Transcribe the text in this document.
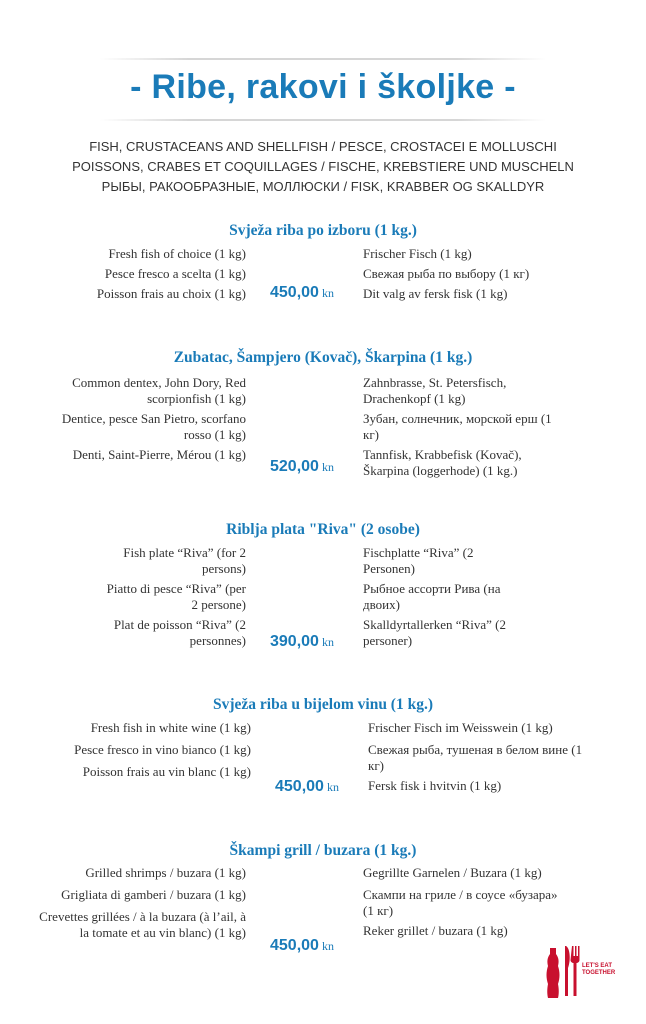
- Ribe, rakovi i školjke -
FISH, CRUSTACEANS AND SHELLFISH / PESCE, CROSTACEI E MOLLUSCHI
POISSONS, CRABES ET COQUILLAGES / FISCHE, KREBSTIERE UND MUSCHELN
РЫБЫ, РАКООБРАЗНЫЕ, МОЛЛЮСКИ / FISK, KRABBER OG SKALLDYR
Svježa riba po izboru (1 kg.)
Fresh fish of choice (1 kg)
Pesce fresco a scelta (1 kg)
Poisson frais au choix (1 kg)
Frischer Fisch (1 kg)
Свежая рыба по выбору (1 кг)
Dit valg av fersk fisk (1 kg)
450,00 kn
Zubatac, Šampjero (Kovač), Škarpina (1 kg.)
Common dentex, John Dory, Red scorpionfish (1 kg)
Dentice, pesce San Pietro, scorfano rosso (1 kg)
Denti, Saint-Pierre, Mérou (1 kg)
Zahnbrasse, St. Petersfisch, Drachenkopf (1 kg)
Зубан, солнечник, морской ерш (1 кг)
Tannfisk, Krabbefisk (Kovač), Škarpina (loggerhode) (1 kg.)
520,00 kn
Riblja plata "Riva" (2 osobe)
Fish plate “Riva” (for 2 persons)
Piatto di pesce “Riva” (per 2 persone)
Plat de poisson “Riva” (2 personnes)
Fischplatte “Riva” (2 Personen)
Рыбное ассорти Рива (на двоих)
Skalldyrtallerken “Riva” (2 personer)
390,00 kn
Svježa riba u bijelom vinu (1 kg.)
Fresh fish in white wine (1 kg)
Pesce fresco in vino bianco (1 kg)
Poisson frais au vin blanc (1 kg)
Frischer Fisch im Weisswein (1 kg)
Свежая рыба, тушеная в белом вине (1 кг)
Fersk fisk i hvitvin (1 kg)
450,00 kn
Škampi grill / buzara (1 kg.)
Grilled shrimps / buzara (1 kg)
Grigliata di gamberi / buzara (1 kg)
Crevettes grillées / à la buzara (à l’ail, à la tomate et au vin blanc) (1 kg)
Gegrillte Garnelen / Buzara (1 kg)
Скампи на гриле / в соусе «бузара» (1 кг)
Reker grillet / buzara (1 kg)
450,00 kn
LET'S EAT
TOGETHER
